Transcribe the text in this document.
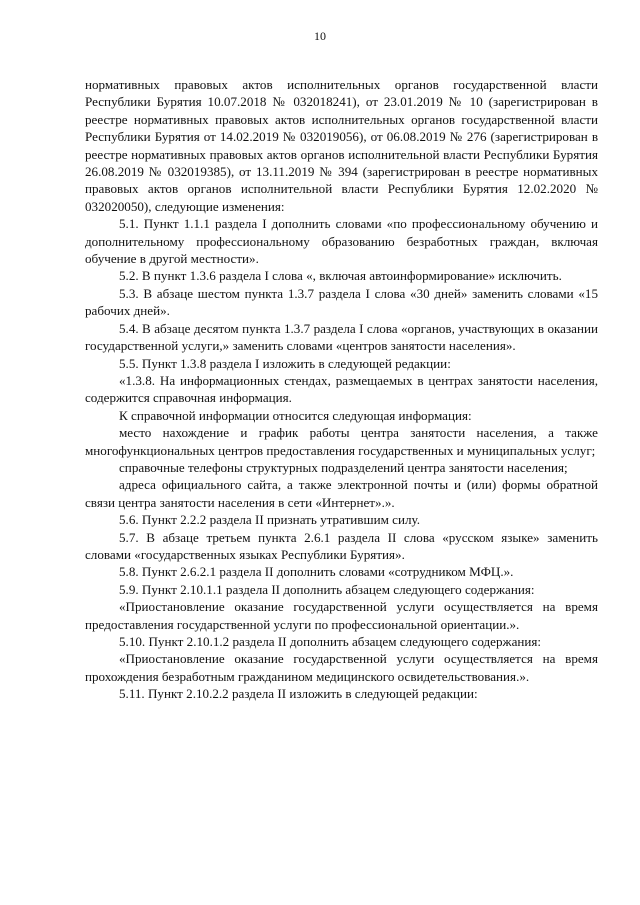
10

нормативных правовых актов исполнительных органов государственной власти Республики Бурятия 10.07.2018 № 032018241), от 23.01.2019 № 10 (зарегистрирован в реестре нормативных правовых актов исполнительных органов государственной власти Республики Бурятия от 14.02.2019 № 032019056), от 06.08.2019 № 276 (зарегистрирован в реестре нормативных правовых актов органов исполнительной власти Республики Бурятия 26.08.2019 № 032019385), от 13.11.2019 № 394 (зарегистрирован в реестре нормативных правовых актов органов исполнительной власти Республики Бурятия 12.02.2020 № 032020050), следующие изменения:

5.1. Пункт 1.1.1 раздела I дополнить словами «по профессиональному обучению и дополнительному профессиональному образованию безработных граждан, включая обучение в другой местности».

5.2. В пункт 1.3.6 раздела I слова «, включая автоинформирование» исключить.

5.3. В абзаце шестом пункта 1.3.7 раздела I слова «30 дней» заменить словами «15 рабочих дней».

5.4. В абзаце десятом пункта 1.3.7 раздела I слова «органов, участвующих в оказании государственной услуги,» заменить словами «центров занятости населения».

5.5. Пункт 1.3.8 раздела I изложить в следующей редакции:

«1.3.8. На информационных стендах, размещаемых в центрах занятости населения, содержится справочная информация.

К справочной информации относится следующая информация:

место нахождение и график работы центра занятости населения, а также многофункциональных центров предоставления государственных и муниципальных услуг;

справочные телефоны структурных подразделений центра занятости населения;

адреса официального сайта, а также электронной почты и (или) формы обратной связи центра занятости населения в сети «Интернет».».

5.6. Пункт 2.2.2 раздела II признать утратившим силу.

5.7. В абзаце третьем пункта 2.6.1 раздела II слова «русском языке» заменить словами «государственных языках Республики Бурятия».

5.8. Пункт 2.6.2.1 раздела II дополнить словами «сотрудником МФЦ.».

5.9. Пункт 2.10.1.1 раздела II дополнить абзацем следующего содержания:

«Приостановление оказание государственной услуги осуществляется на время предоставления государственной услуги по профессиональной ориентации.».

5.10. Пункт 2.10.1.2 раздела II дополнить абзацем следующего содержания:

«Приостановление оказание государственной услуги осуществляется на время прохождения безработным гражданином медицинского освидетельствования.».

5.11. Пункт 2.10.2.2 раздела II изложить в следующей редакции:
